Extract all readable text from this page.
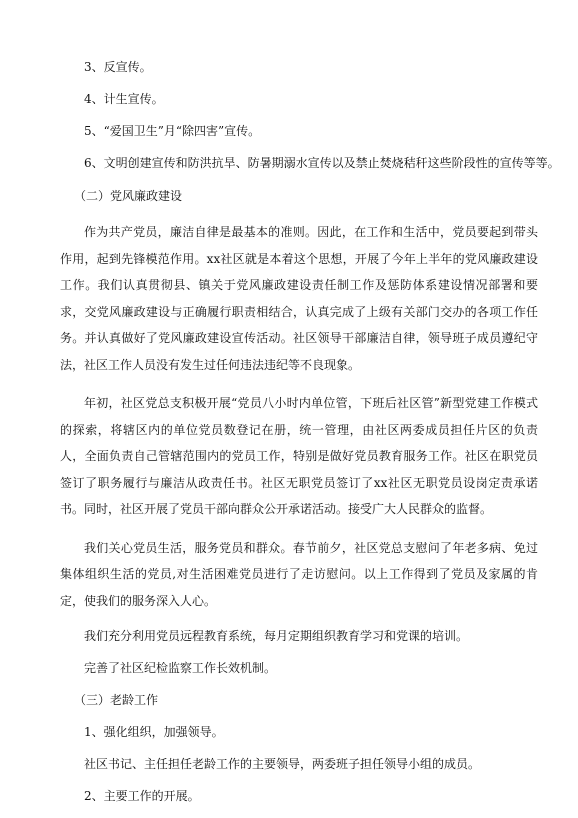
3、反宣传。

4、计生宣传。

5、“爱国卫生”月“除四害”宣传。

6、文明创建宣传和防洪抗旱、防暑期溺水宣传以及禁止焚烧秸秆这些阶段性的宣传等等。

（二）党风廉政建设

作为共产党员，廉洁自律是最基本的准则。因此，在工作和生活中，党员要起到带头作用，起到先锋模范作用。xx社区就是本着这个思想，开展了今年上半年的党风廉政建设工作。我们认真贯彻县、镇关于党风廉政建设责任制工作及惩防体系建设情况部署和要求，交党风廉政建设与正确履行职责相结合，认真完成了上级有关部门交办的各项工作任务。并认真做好了党风廉政建设宣传活动。社区领导干部廉洁自律，领导班子成员遵纪守法，社区工作人员没有发生过任何违法违纪等不良现象。

年初，社区党总支积极开展“党员八小时内单位管，下班后社区管”新型党建工作模式的探索，将辖区内的单位党员数登记在册，统一管理，由社区两委成员担任片区的负责人，全面负责自己管辖范围内的党员工作，特别是做好党员教育服务工作。社区在职党员签订了职务履行与廉洁从政责任书。社区无职党员签订了xx社区无职党员设岗定责承诺书。同时，社区开展了党员干部向群众公开承诺活动。接受广大人民群众的监督。

我们关心党员生活，服务党员和群众。春节前夕，社区党总支慰问了年老多病、免过集体组织生活的党员,对生活困难党员进行了走访慰问。以上工作得到了党员及家属的肯定，使我们的服务深入人心。

我们充分利用党员远程教育系统，每月定期组织教育学习和党课的培训。

完善了社区纪检监察工作长效机制。

（三）老龄工作

1、强化组织，加强领导。

社区书记、主任担任老龄工作的主要领导，两委班子担任领导小组的成员。

2、主要工作的开展。
